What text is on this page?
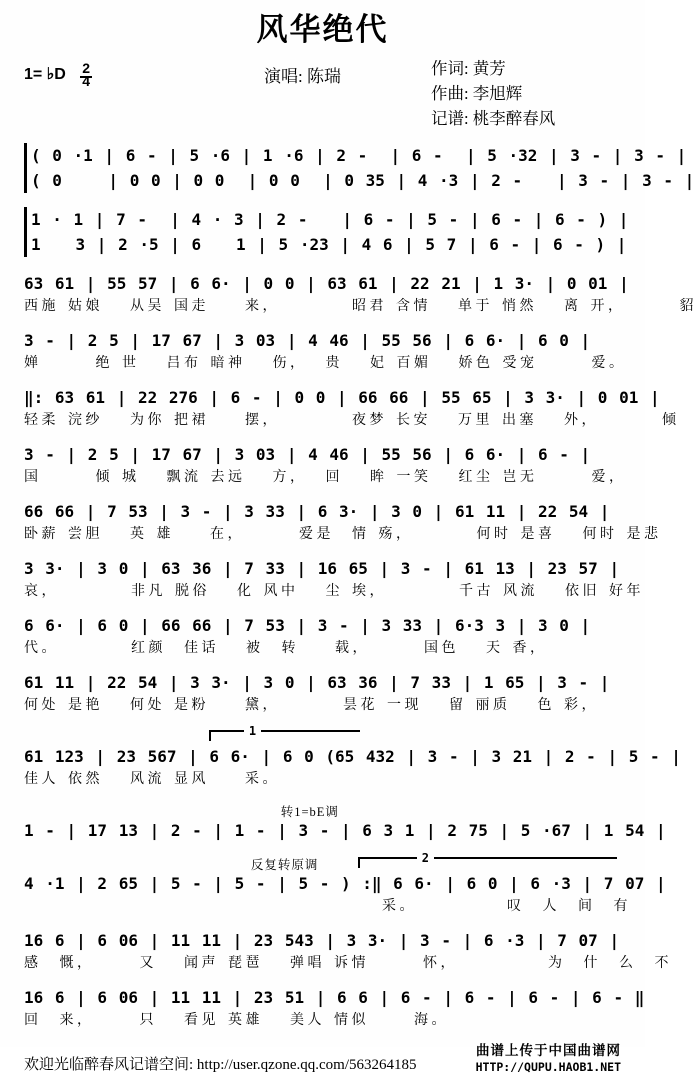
风华绝代
1= ♭D 2
4	演唱: 陈瑞	作词: 黄芳
作曲: 李旭辉
记谱: 桃李醉春风
( 0 ·1 | 6 - | 5 ·6 | 1 ·6 | 2 -  | 6 -  | 5 ·32 | 3 - | 3 - |
( 0    | 0 0 | 0 0  | 0 0  | 0 35 | 4 ·3 | 2 -   | 3 - | 3 - |
1 · 1 | 7 -  | 4 · 3 | 2 -   | 6 - | 5 - | 6 - | 6 - ) |
1   3 | 2 ·5 | 6   1 | 5 ·23 | 4 6 | 5 7 | 6 - | 6 - ) |
63 61 | 55 57 | 6 6· | 0 0 | 63 61 | 22 21 | 1 3· | 0 01 |
西施 姑娘   从吴 国走    来，        昭君 含情   单于 悄然   离 开，      貂
3 - | 2 5 | 17 67 | 3 03 | 4 46 | 55 56 | 6 6· | 6 0 |
婵      绝 世   吕布 暗神   伤，  贵   妃 百媚   娇色 受宠      爱。
‖: 63 61 | 22 276 | 6 - | 0 0 | 66 66 | 55 65 | 3 3· | 0 01 |
轻柔 浣纱   为你 把裙    摆，        夜梦 长安   万里 出塞   外，       倾
3 - | 2 5 | 17 67 | 3 03 | 4 46 | 55 56 | 6 6· | 6 - |
国      倾 城   飘流 去远   方，  回   眸 一笑   红尘 岂无      爱，
66 66 | 7 53 | 3 - | 3 33 | 6 3· | 3 0 | 61 11 | 22 54 |
卧薪 尝胆   英 雄    在，      爱是  情 殇，       何时 是喜   何时 是悲
3 3· | 3 0 | 63 36 | 7 33 | 16 65 | 3 - | 61 13 | 23 57 |
哀，        非凡 脱俗   化 风中   尘 埃，        千古 风流   依旧 好年
6 6· | 6 0 | 66 66 | 7 53 | 3 - | 3 33 | 6·3 3 | 3 0 |
代。        红颜  佳话   被  转    载，      国色   天 香，
61 11 | 22 54 | 3 3· | 3 0 | 63 36 | 7 33 | 1 65 | 3 - |
何处 是艳   何处 是粉    黛，       昙花 一现   留 丽质   色 彩，
1
61 123 | 23 567 | 6 6· | 6 0 (65 432 | 3 - | 3 21 | 2 - | 5 - |
佳人 依然   风流 显风    采。
转1=bE调
1 - | 17 13 | 2 - | 1 - | 3 - | 6 3 1 | 2 75 | 5 ·67 | 1 54 |
反复转原调	2
4 ·1 | 2 65 | 5 - | 5 - | 5 - ) :‖ 6 6· | 6 0 | 6 ·3 | 7 07 |
采。          叹  人  间  有
16 6 | 6 06 | 11 11 | 23 543 | 3 3· | 3 - | 6 ·3 | 7 07 |
感  慨，     又   闻声 琵琶   弹唱 诉情      怀，          为  什  么  不
16 6 | 6 06 | 11 11 | 23 51 | 6 6 | 6 - | 6 - | 6 - | 6 - ‖
回  来，     只   看见 英雄   美人 情似     海。
欢迎光临醉春风记谱空间: http://user.qzone.qq.com/563264185
曲谱上传于中国曲谱网
HTTP://QUPU.HAOB1.NET
